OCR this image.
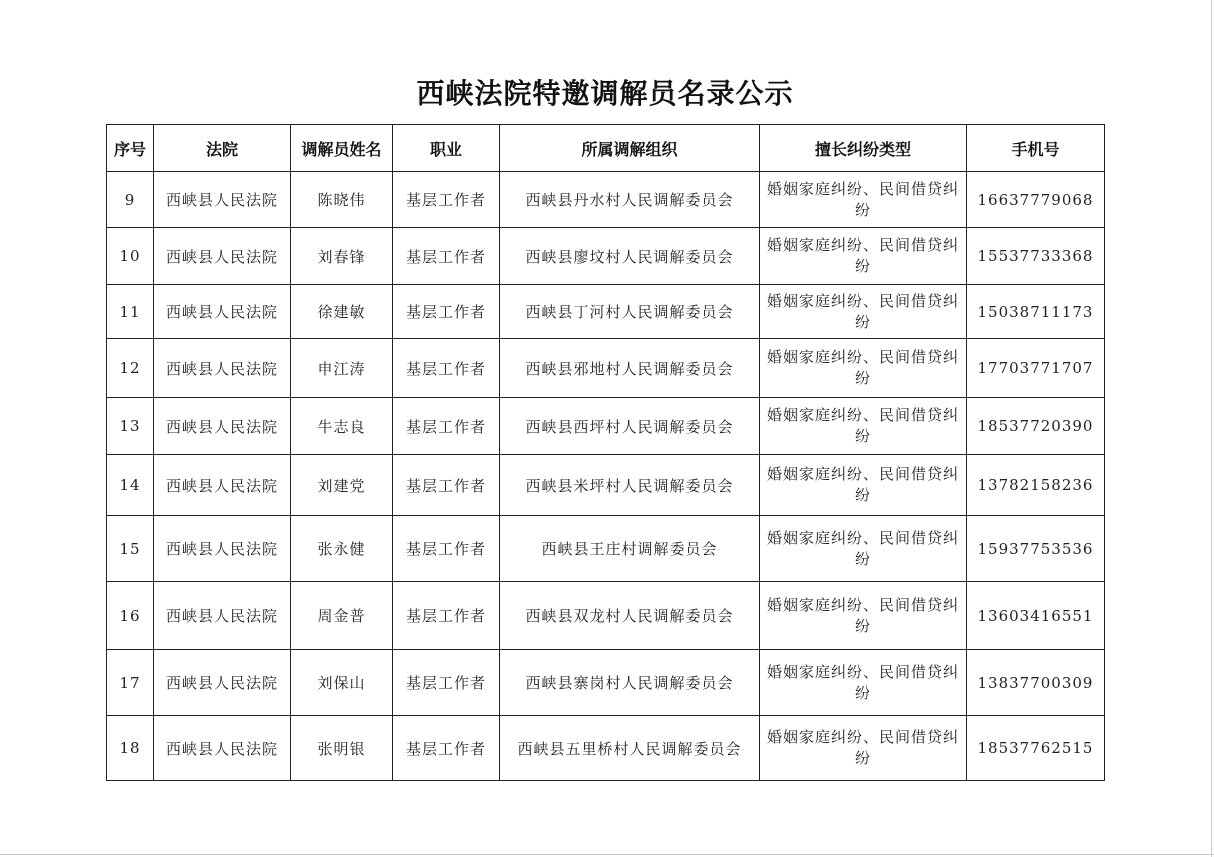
西峡法院特邀调解员名录公示
序号	法院	调解员姓名	职业	所属调解组织	擅长纠纷类型	手机号
9	西峡县人民法院	陈晓伟	基层工作者	西峡县丹水村人民调解委员会	婚姻家庭纠纷、民间借贷纠纷	16637779068
10	西峡县人民法院	刘春锋	基层工作者	西峡县廖坟村人民调解委员会	婚姻家庭纠纷、民间借贷纠纷	15537733368
11	西峡县人民法院	徐建敏	基层工作者	西峡县丁河村人民调解委员会	婚姻家庭纠纷、民间借贷纠纷	15038711173
12	西峡县人民法院	申江涛	基层工作者	西峡县邪地村人民调解委员会	婚姻家庭纠纷、民间借贷纠纷	17703771707
13	西峡县人民法院	牛志良	基层工作者	西峡县西坪村人民调解委员会	婚姻家庭纠纷、民间借贷纠纷	18537720390
14	西峡县人民法院	刘建党	基层工作者	西峡县米坪村人民调解委员会	婚姻家庭纠纷、民间借贷纠纷	13782158236
15	西峡县人民法院	张永健	基层工作者	西峡县王庄村调解委员会	婚姻家庭纠纷、民间借贷纠纷	15937753536
16	西峡县人民法院	周金普	基层工作者	西峡县双龙村人民调解委员会	婚姻家庭纠纷、民间借贷纠纷	13603416551
17	西峡县人民法院	刘保山	基层工作者	西峡县寨岗村人民调解委员会	婚姻家庭纠纷、民间借贷纠纷	13837700309
18	西峡县人民法院	张明银	基层工作者	西峡县五里桥村人民调解委员会	婚姻家庭纠纷、民间借贷纠纷	18537762515
